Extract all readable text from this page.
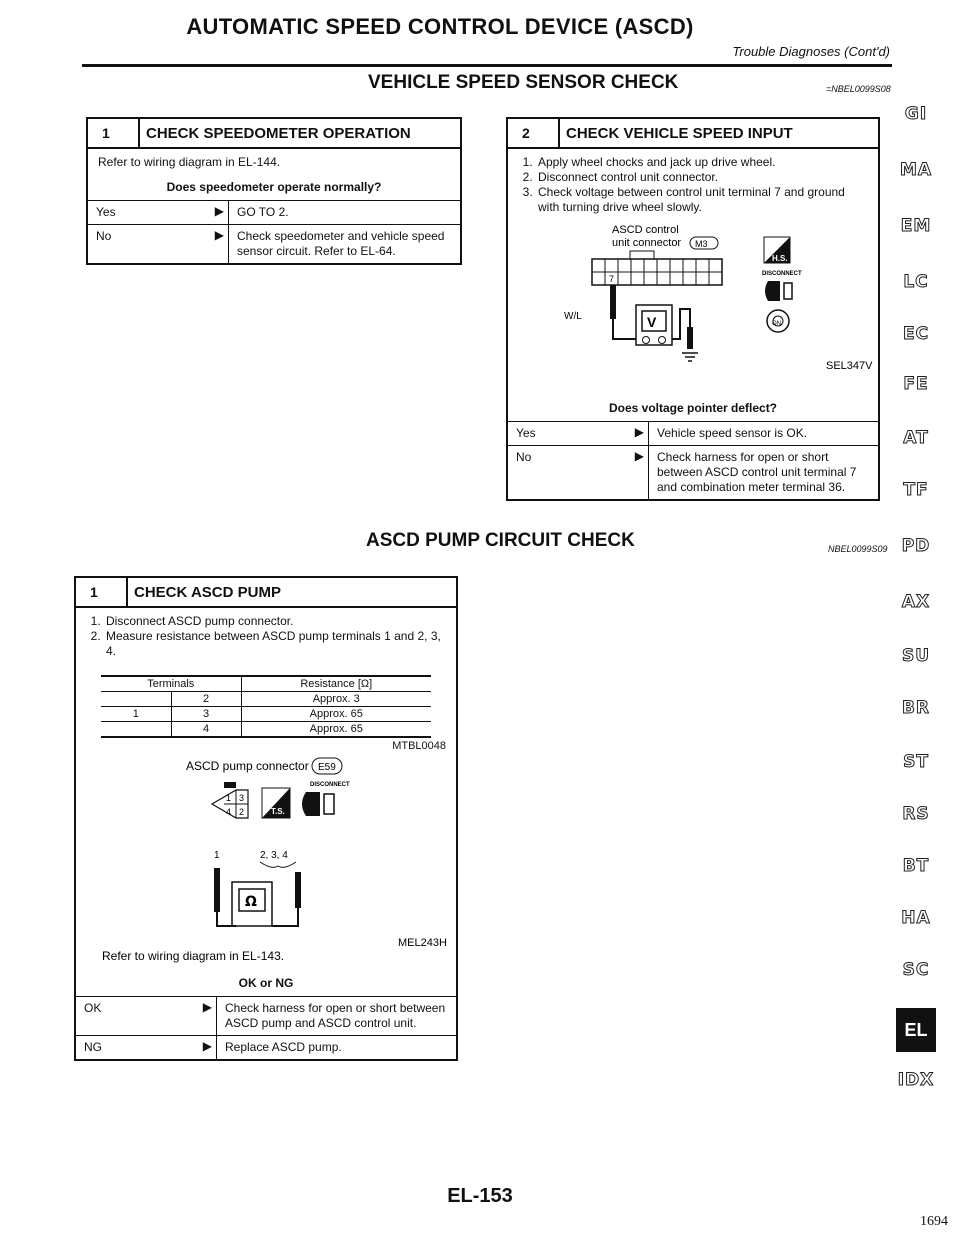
AUTOMATIC SPEED CONTROL DEVICE (ASCD)
Trouble Diagnoses (Cont'd)
VEHICLE SPEED SENSOR CHECK	=NBEL0099S08
1	CHECK SPEEDOMETER OPERATION
Refer to wiring diagram in EL-144.
Does speedometer operate normally?
Yes	▶	GO TO 2.
No	▶	Check speedometer and vehicle speed sensor circuit. Refer to EL-64.
2	CHECK VEHICLE SPEED INPUT
1. Apply wheel chocks and jack up drive wheel.
2. Disconnect control unit connector.
3. Check voltage between control unit terminal 7 and ground with turning drive wheel slowly.
ASCD control
unit connector M3
7
W/L	V
H.S.
DISCONNECT
ON
SEL347V
Does voltage pointer deflect?
Yes	▶	Vehicle speed sensor is OK.
No	▶	Check harness for open or short between ASCD control unit terminal 7 and combination meter terminal 36.
ASCD PUMP CIRCUIT CHECK	NBEL0099S09
1	CHECK ASCD PUMP
1. Disconnect ASCD pump connector.
2. Measure resistance between ASCD pump terminals 1 and 2, 3, 4.
Terminals		Resistance [Ω]
	2	Approx. 3
1	3	Approx. 65
	4	Approx. 65
MTBL0048
ASCD pump connector E59
1 3
4 2	T.S.
DISCONNECT
1	2, 3, 4
Ω
MEL243H
Refer to wiring diagram in EL-143.
OK or NG
OK	▶	Check harness for open or short between ASCD pump and ASCD control unit.
NG	▶	Replace ASCD pump.
GI
MA
EM
LC
EC
FE
AT
TF
PD
AX
SU
BR
ST
RS
BT
HA
SC
EL
IDX
EL-153
1694
